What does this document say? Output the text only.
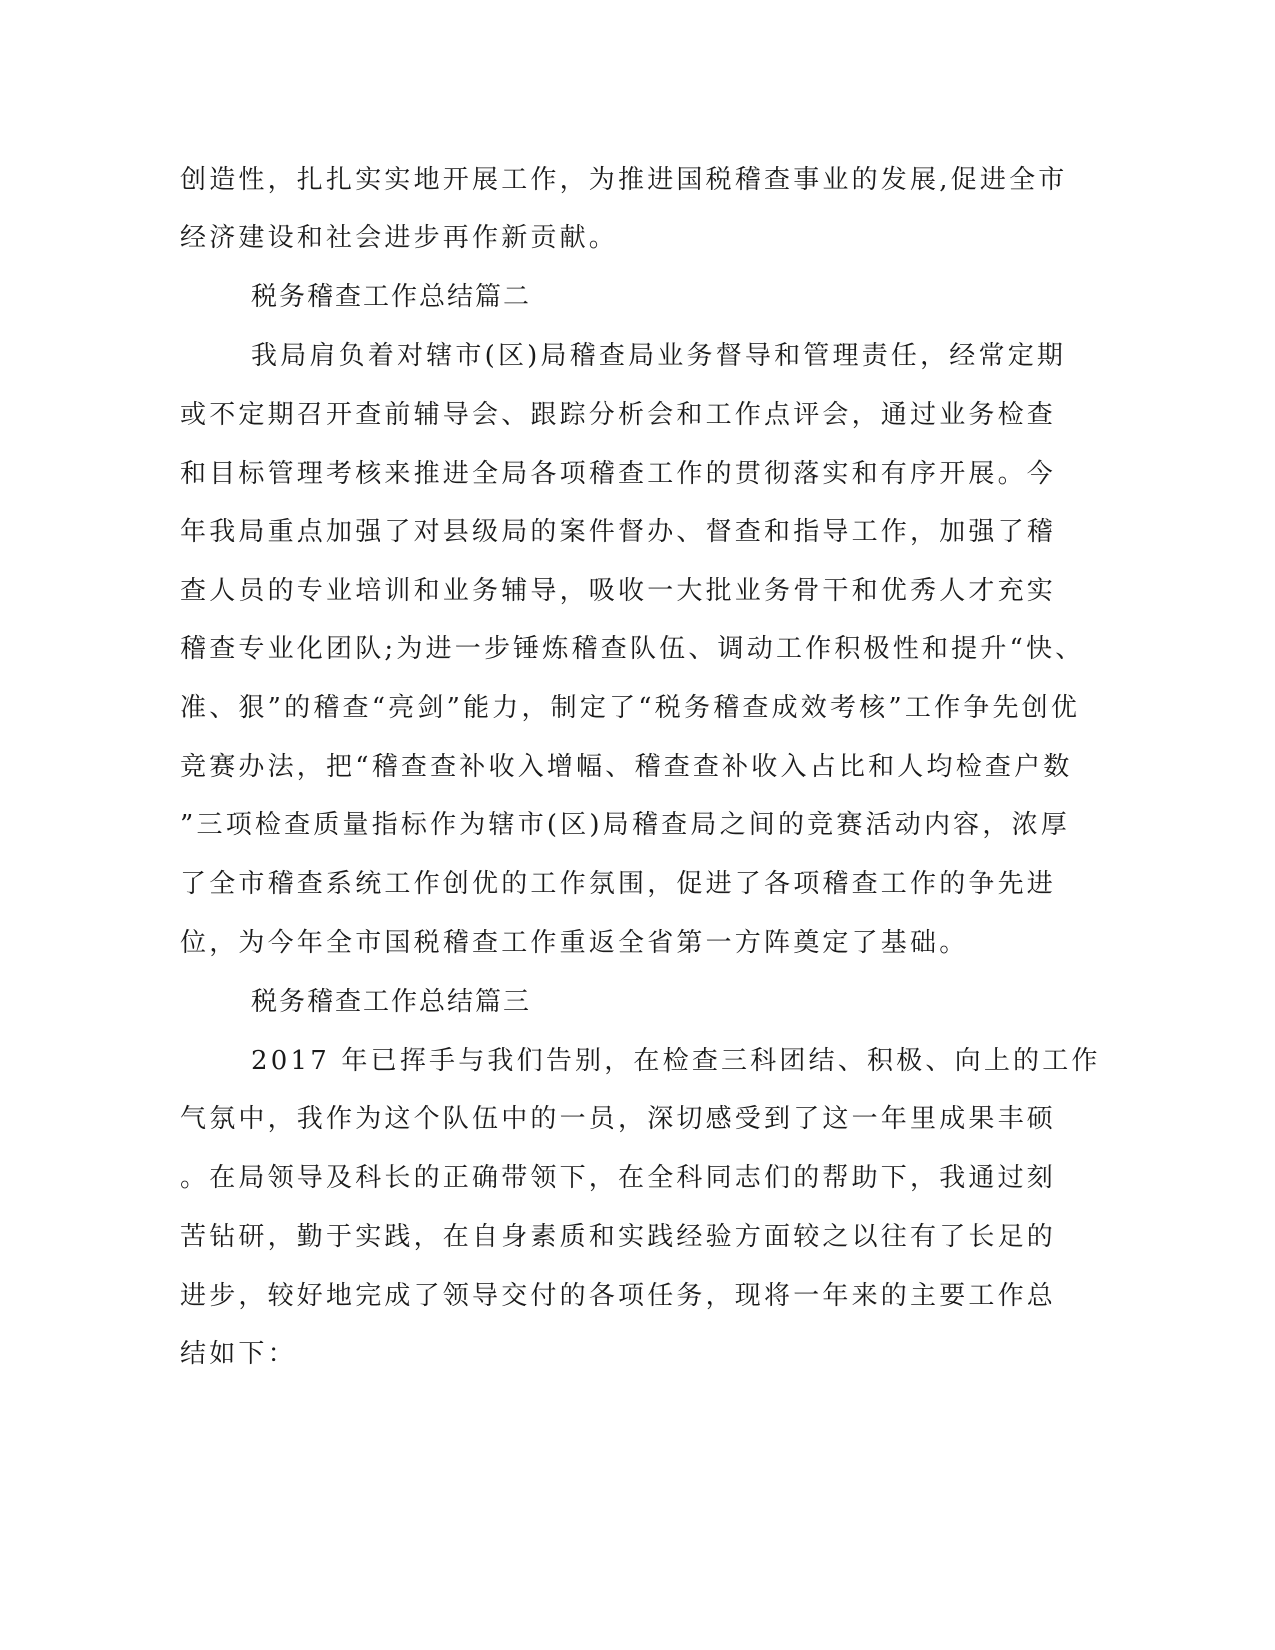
创造性，扎扎实实地开展工作，为推进国税稽查事业的发展,促进全市

经济建设和社会进步再作新贡献。

税务稽查工作总结篇二

我局肩负着对辖市(区)局稽查局业务督导和管理责任，经常定期

或不定期召开查前辅导会、跟踪分析会和工作点评会，通过业务检查

和目标管理考核来推进全局各项稽查工作的贯彻落实和有序开展。今

年我局重点加强了对县级局的案件督办、督查和指导工作，加强了稽

查人员的专业培训和业务辅导，吸收一大批业务骨干和优秀人才充实

稽查专业化团队;为进一步锤炼稽查队伍、调动工作积极性和提升“快、

准、狠”的稽查“亮剑”能力，制定了“税务稽查成效考核”工作争先创优

竞赛办法，把“稽查查补收入增幅、稽查查补收入占比和人均检查户数

”三项检查质量指标作为辖市(区)局稽查局之间的竞赛活动内容，浓厚

了全市稽查系统工作创优的工作氛围，促进了各项稽查工作的争先进

位，为今年全市国税稽查工作重返全省第一方阵奠定了基础。

税务稽查工作总结篇三

2017 年已挥手与我们告别，在检查三科团结、积极、向上的工作

气氛中，我作为这个队伍中的一员，深切感受到了这一年里成果丰硕

。在局领导及科长的正确带领下，在全科同志们的帮助下，我通过刻

苦钻研，勤于实践，在自身素质和实践经验方面较之以往有了长足的

进步，较好地完成了领导交付的各项任务，现将一年来的主要工作总

结如下：
